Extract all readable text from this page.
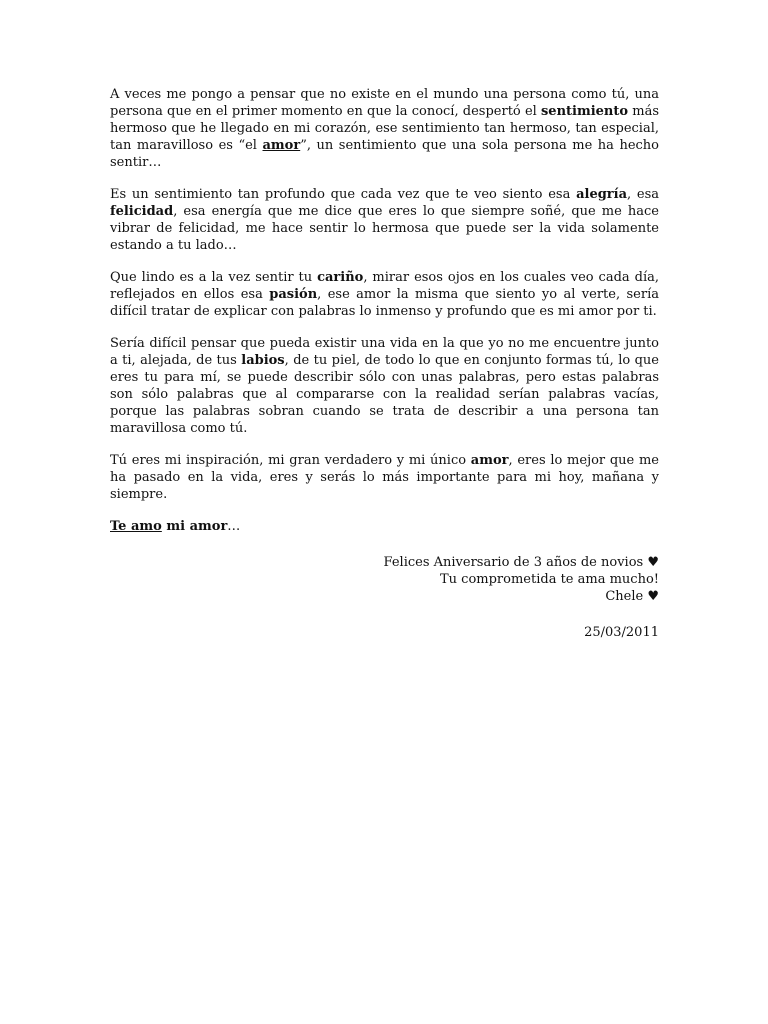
A veces me pongo a pensar que no existe en el mundo una persona como tú, una persona que en el primer momento en que la conocí, despertó el sentimiento más hermoso que he llegado en mi corazón, ese sentimiento tan hermoso, tan especial, tan maravilloso es “el amor”, un sentimiento que una sola persona me ha hecho sentir…

Es un sentimiento tan profundo que cada vez que te veo siento esa alegría, esa felicidad, esa energía que me dice que eres lo que siempre soñé, que me hace vibrar de felicidad, me hace sentir lo hermosa que puede ser la vida solamente estando a tu lado…

Que lindo es a la vez sentir tu cariño, mirar esos ojos en los cuales veo cada día, reflejados en ellos esa pasión, ese amor la misma que siento yo al verte, sería difícil tratar de explicar con palabras lo inmenso y profundo que es mi amor por ti.

Sería difícil pensar que pueda existir una vida en la que yo no me encuentre junto a ti, alejada, de tus labios, de tu piel, de todo lo que en conjunto formas tú, lo que eres tu para mí, se puede describir sólo con unas palabras, pero estas palabras son sólo palabras que al compararse con la realidad serían palabras vacías, porque las palabras sobran cuando se trata de describir a una persona tan maravillosa como tú.

Tú eres mi inspiración, mi gran verdadero y mi único amor, eres lo mejor que me ha pasado en la vida, eres y serás lo más importante para mi hoy, mañana y siempre.

Te amo mi amor…
Felices Aniversario de 3 años de novios ♥
Tu comprometida te ama mucho!
Chele ♥
25/03/2011
